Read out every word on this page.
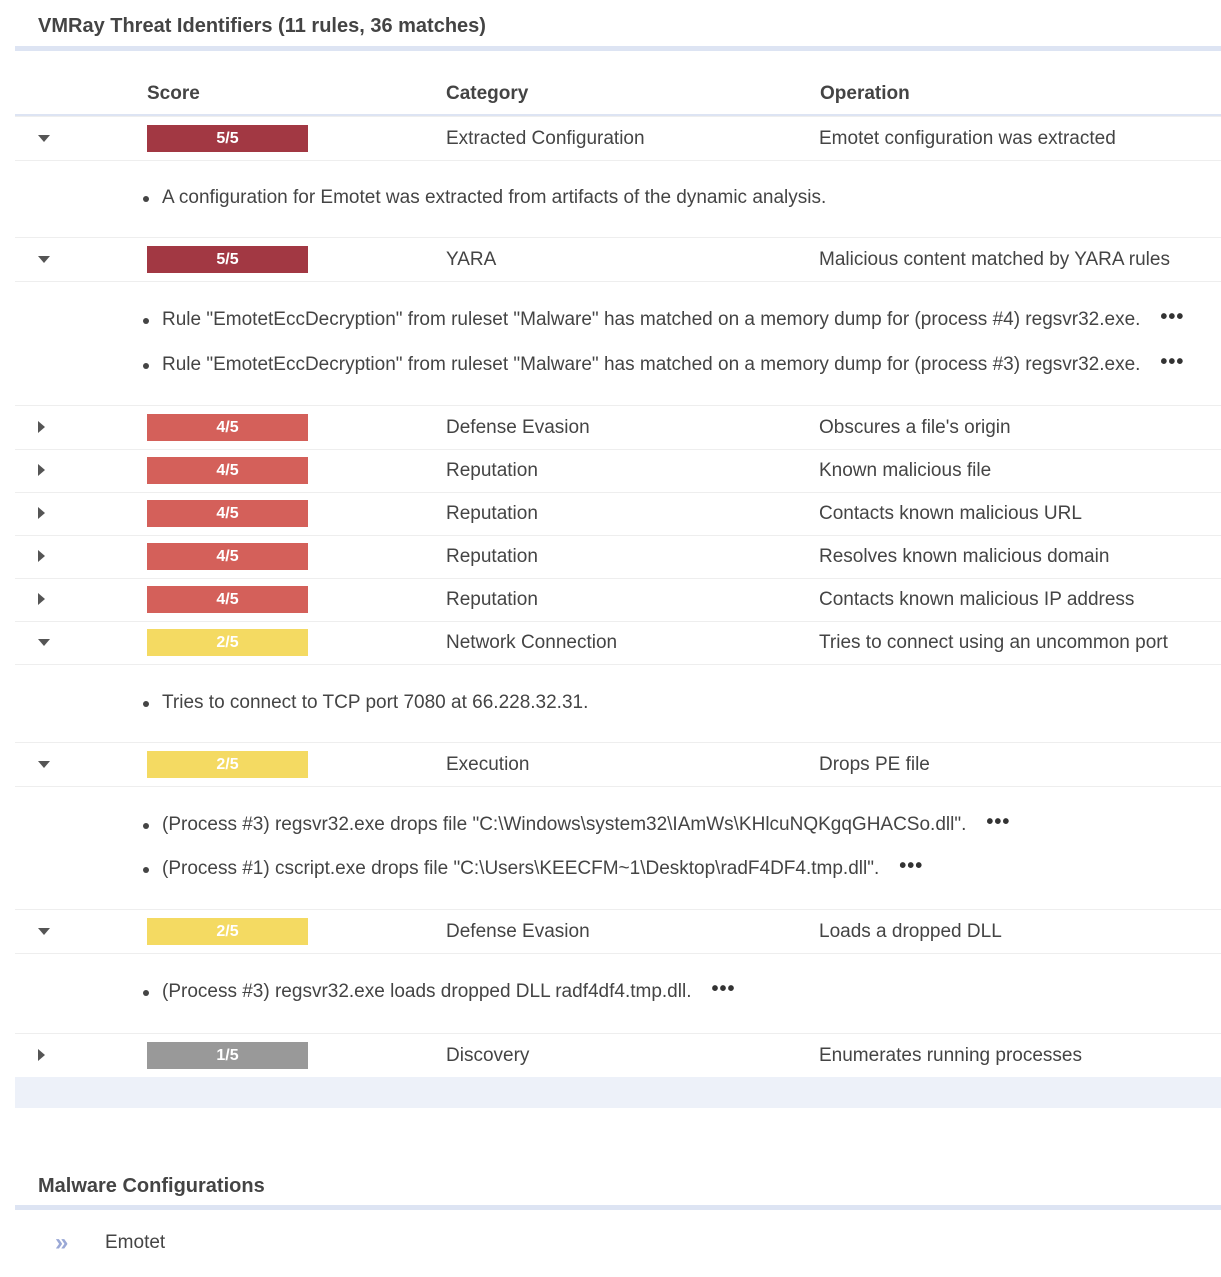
VMRay Threat Identifiers (11 rules, 36 matches)
Score	Category	Operation
5/5	Extracted Configuration	Emotet configuration was extracted
A configuration for Emotet was extracted from artifacts of the dynamic analysis.
5/5	YARA	Malicious content matched by YARA rules
Rule "EmotetEccDecryption" from ruleset "Malware" has matched on a memory dump for (process #4) regsvr32.exe. •••
Rule "EmotetEccDecryption" from ruleset "Malware" has matched on a memory dump for (process #3) regsvr32.exe. •••
4/5	Defense Evasion	Obscures a file's origin
4/5	Reputation	Known malicious file
4/5	Reputation	Contacts known malicious URL
4/5	Reputation	Resolves known malicious domain
4/5	Reputation	Contacts known malicious IP address
2/5	Network Connection	Tries to connect using an uncommon port
Tries to connect to TCP port 7080 at 66.228.32.31.
2/5	Execution	Drops PE file
(Process #3) regsvr32.exe drops file "C:\Windows\system32\IAmWs\KHlcuNQKgqGHACSo.dll". •••
(Process #1) cscript.exe drops file "C:\Users\KEECFM~1\Desktop\radF4DF4.tmp.dll". •••
2/5	Defense Evasion	Loads a dropped DLL
(Process #3) regsvr32.exe loads dropped DLL radf4df4.tmp.dll. •••
1/5	Discovery	Enumerates running processes
Malware Configurations
» Emotet
